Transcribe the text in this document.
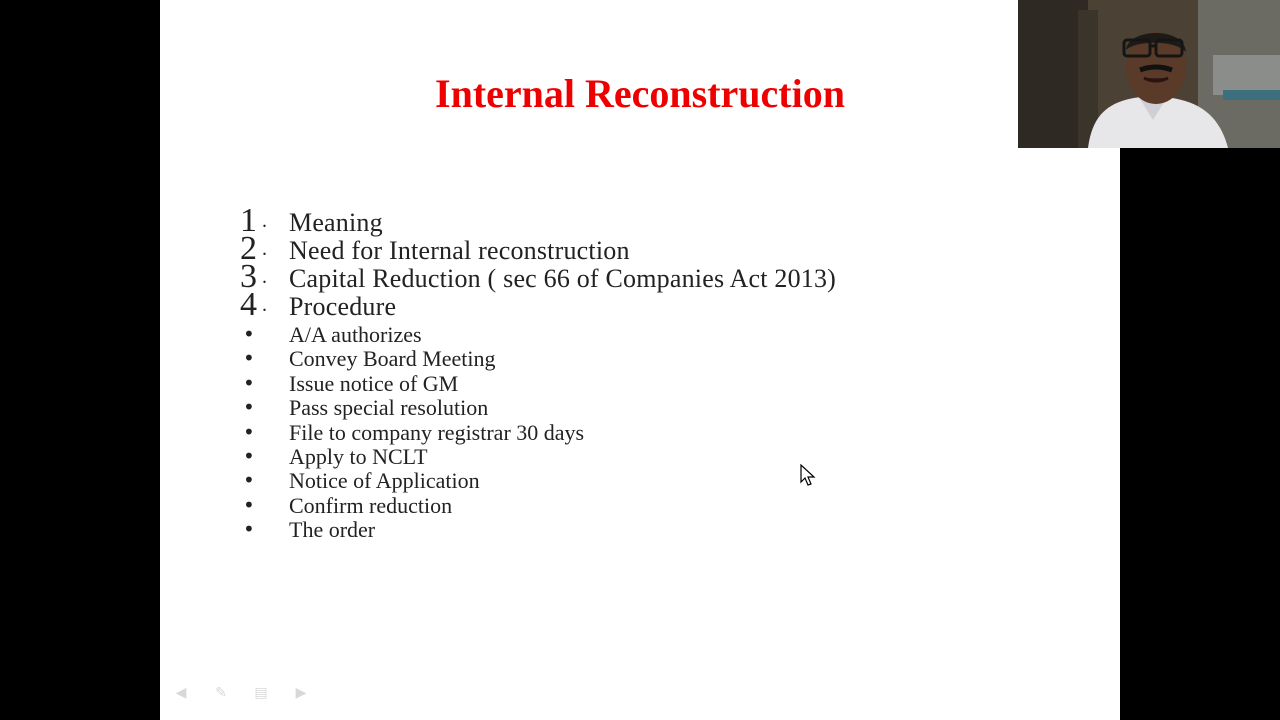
Internal Reconstruction
1 . Meaning
2 . Need for Internal reconstruction
3 . Capital Reduction ( sec 66 of Companies Act 2013)
4 . Procedure
• A/A authorizes
• Convey Board Meeting
• Issue notice of GM
• Pass special resolution
• File to company registrar 30 days
• Apply to NCLT
• Notice of Application
• Confirm reduction
• The order
◀	✎	▤	▶
